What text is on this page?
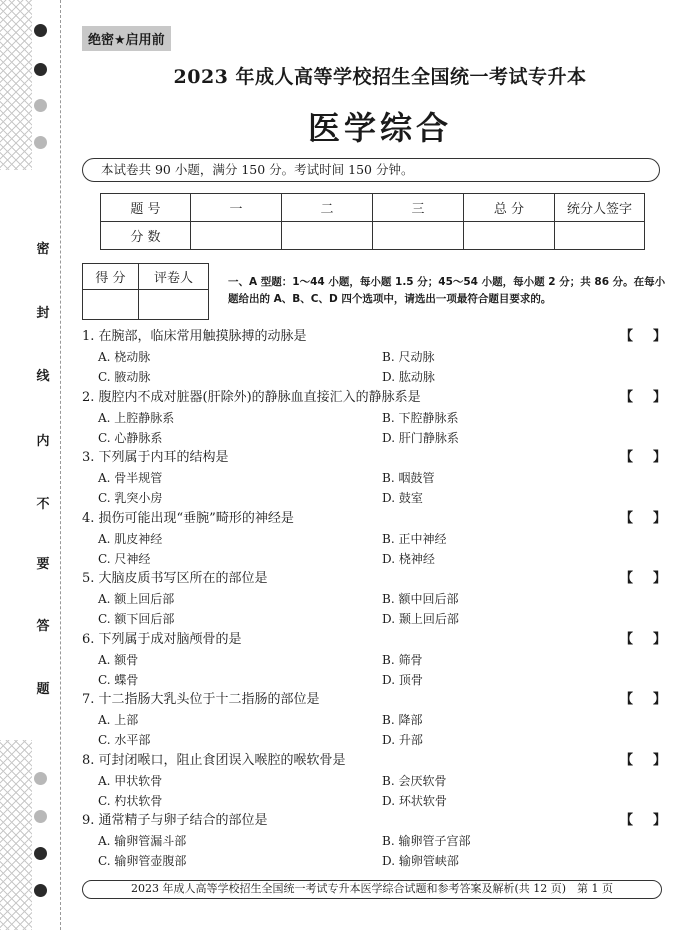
密
封
线
内
不
要
答
题
绝密★启用前
2023 年成人高等学校招生全国统一考试专升本
医学综合
本试卷共 90 小题，满分 150 分。考试时间 150 分钟。
题 号	一	二	三	总 分	统分人签字
分 数					
得 分	评卷人
		一、A 型题：1～44 小题，每小题 1.5 分；45～54 小题，每小题 2 分；共 86 分。在每小题给出的 A、B、C、D 四个选项中，请选出一项最符合题目要求的。
1. 在腕部，临床常用触摸脉搏的动脉是	【 】
A. 桡动脉	B. 尺动脉
C. 腋动脉	D. 肱动脉
2. 腹腔内不成对脏器(肝除外)的静脉血直接汇入的静脉系是	【 】
A. 上腔静脉系	B. 下腔静脉系
C. 心静脉系	D. 肝门静脉系
3. 下列属于内耳的结构是	【 】
A. 骨半规管	B. 咽鼓管
C. 乳突小房	D. 鼓室
4. 损伤可能出现“垂腕”畸形的神经是	【 】
A. 肌皮神经	B. 正中神经
C. 尺神经	D. 桡神经
5. 大脑皮质书写区所在的部位是	【 】
A. 额上回后部	B. 额中回后部
C. 额下回后部	D. 颞上回后部
6. 下列属于成对脑颅骨的是	【 】
A. 额骨	B. 筛骨
C. 蝶骨	D. 顶骨
7. 十二指肠大乳头位于十二指肠的部位是	【 】
A. 上部	B. 降部
C. 水平部	D. 升部
8. 可封闭喉口，阻止食团误入喉腔的喉软骨是	【 】
A. 甲状软骨	B. 会厌软骨
C. 杓状软骨	D. 环状软骨
9. 通常精子与卵子结合的部位是	【 】
A. 输卵管漏斗部	B. 输卵管子宫部
C. 输卵管壶腹部	D. 输卵管峡部
2023 年成人高等学校招生全国统一考试专升本医学综合试题和参考答案及解析(共 12 页)　第 1 页
